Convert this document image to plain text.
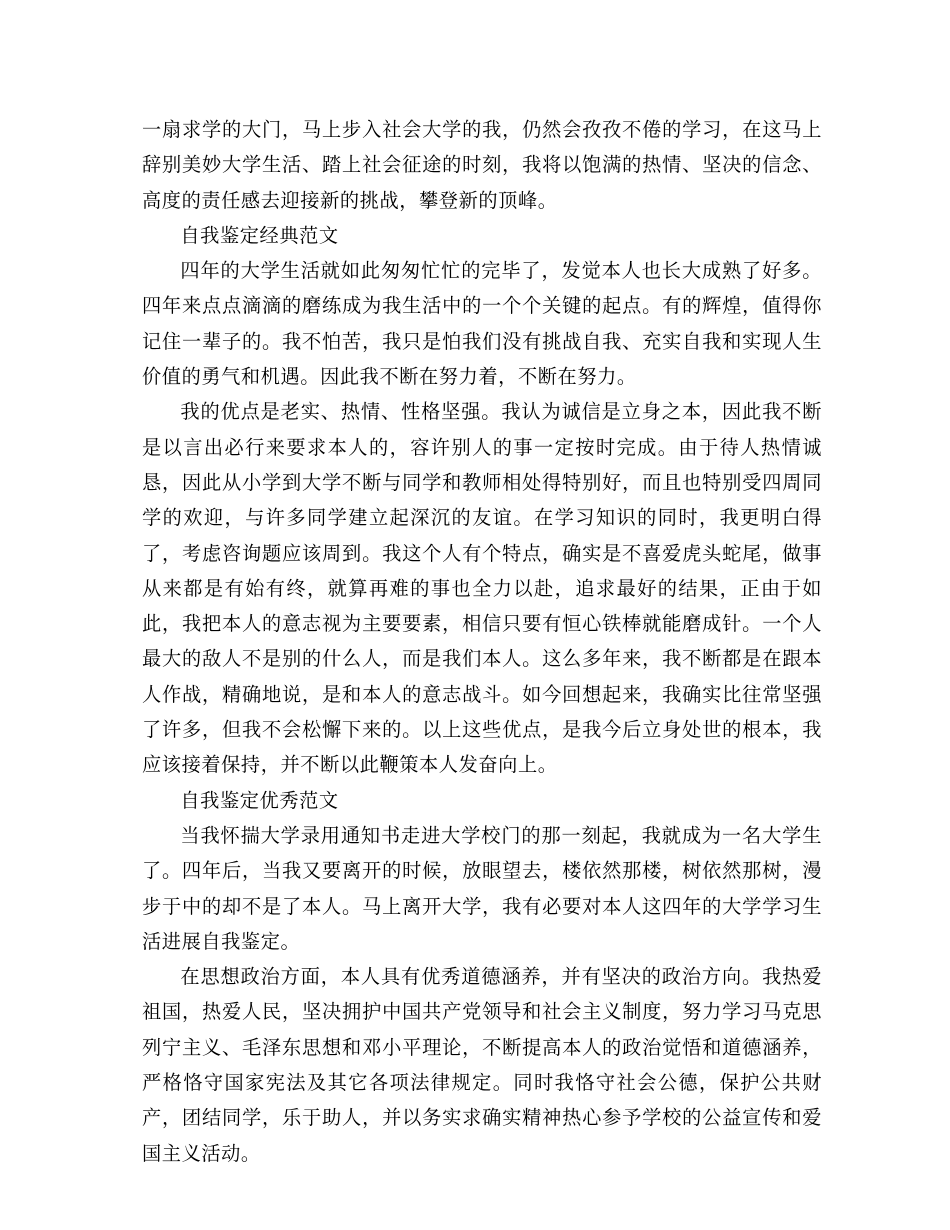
一扇求学的大门，马上步入社会大学的我，仍然会孜孜不倦的学习，在这马上辞别美妙大学生活、踏上社会征途的时刻，我将以饱满的热情、坚决的信念、高度的责任感去迎接新的挑战，攀登新的顶峰。

自我鉴定经典范文

四年的大学生活就如此匆匆忙忙的完毕了，发觉本人也长大成熟了好多。四年来点点滴滴的磨练成为我生活中的一个个关键的起点。有的辉煌，值得你记住一辈子的。我不怕苦，我只是怕我们没有挑战自我、充实自我和实现人生价值的勇气和机遇。因此我不断在努力着，不断在努力。

我的优点是老实、热情、性格坚强。我认为诚信是立身之本，因此我不断是以言出必行来要求本人的，容许别人的事一定按时完成。由于待人热情诚恳，因此从小学到大学不断与同学和教师相处得特别好，而且也特别受四周同学的欢迎，与许多同学建立起深沉的友谊。在学习知识的同时，我更明白得了，考虑咨询题应该周到。我这个人有个特点，确实是不喜爱虎头蛇尾，做事从来都是有始有终，就算再难的事也全力以赴，追求最好的结果，正由于如此，我把本人的意志视为主要要素，相信只要有恒心铁棒就能磨成针。一个人最大的敌人不是别的什么人，而是我们本人。这么多年来，我不断都是在跟本人作战，精确地说，是和本人的意志战斗。如今回想起来，我确实比往常坚强了许多，但我不会松懈下来的。以上这些优点，是我今后立身处世的根本，我应该接着保持，并不断以此鞭策本人发奋向上。

自我鉴定优秀范文

当我怀揣大学录用通知书走进大学校门的那一刻起，我就成为一名大学生了。四年后，当我又要离开的时候，放眼望去，楼依然那楼，树依然那树，漫步于中的却不是了本人。马上离开大学，我有必要对本人这四年的大学学习生活进展自我鉴定。

在思想政治方面，本人具有优秀道德涵养，并有坚决的政治方向。我热爱祖国，热爱人民，坚决拥护中国共产党领导和社会主义制度，努力学习马克思列宁主义、毛泽东思想和邓小平理论，不断提高本人的政治觉悟和道德涵养，严格恪守国家宪法及其它各项法律规定。同时我恪守社会公德，保护公共财产，团结同学，乐于助人，并以务实求确实精神热心参予学校的公益宣传和爱国主义活动。
